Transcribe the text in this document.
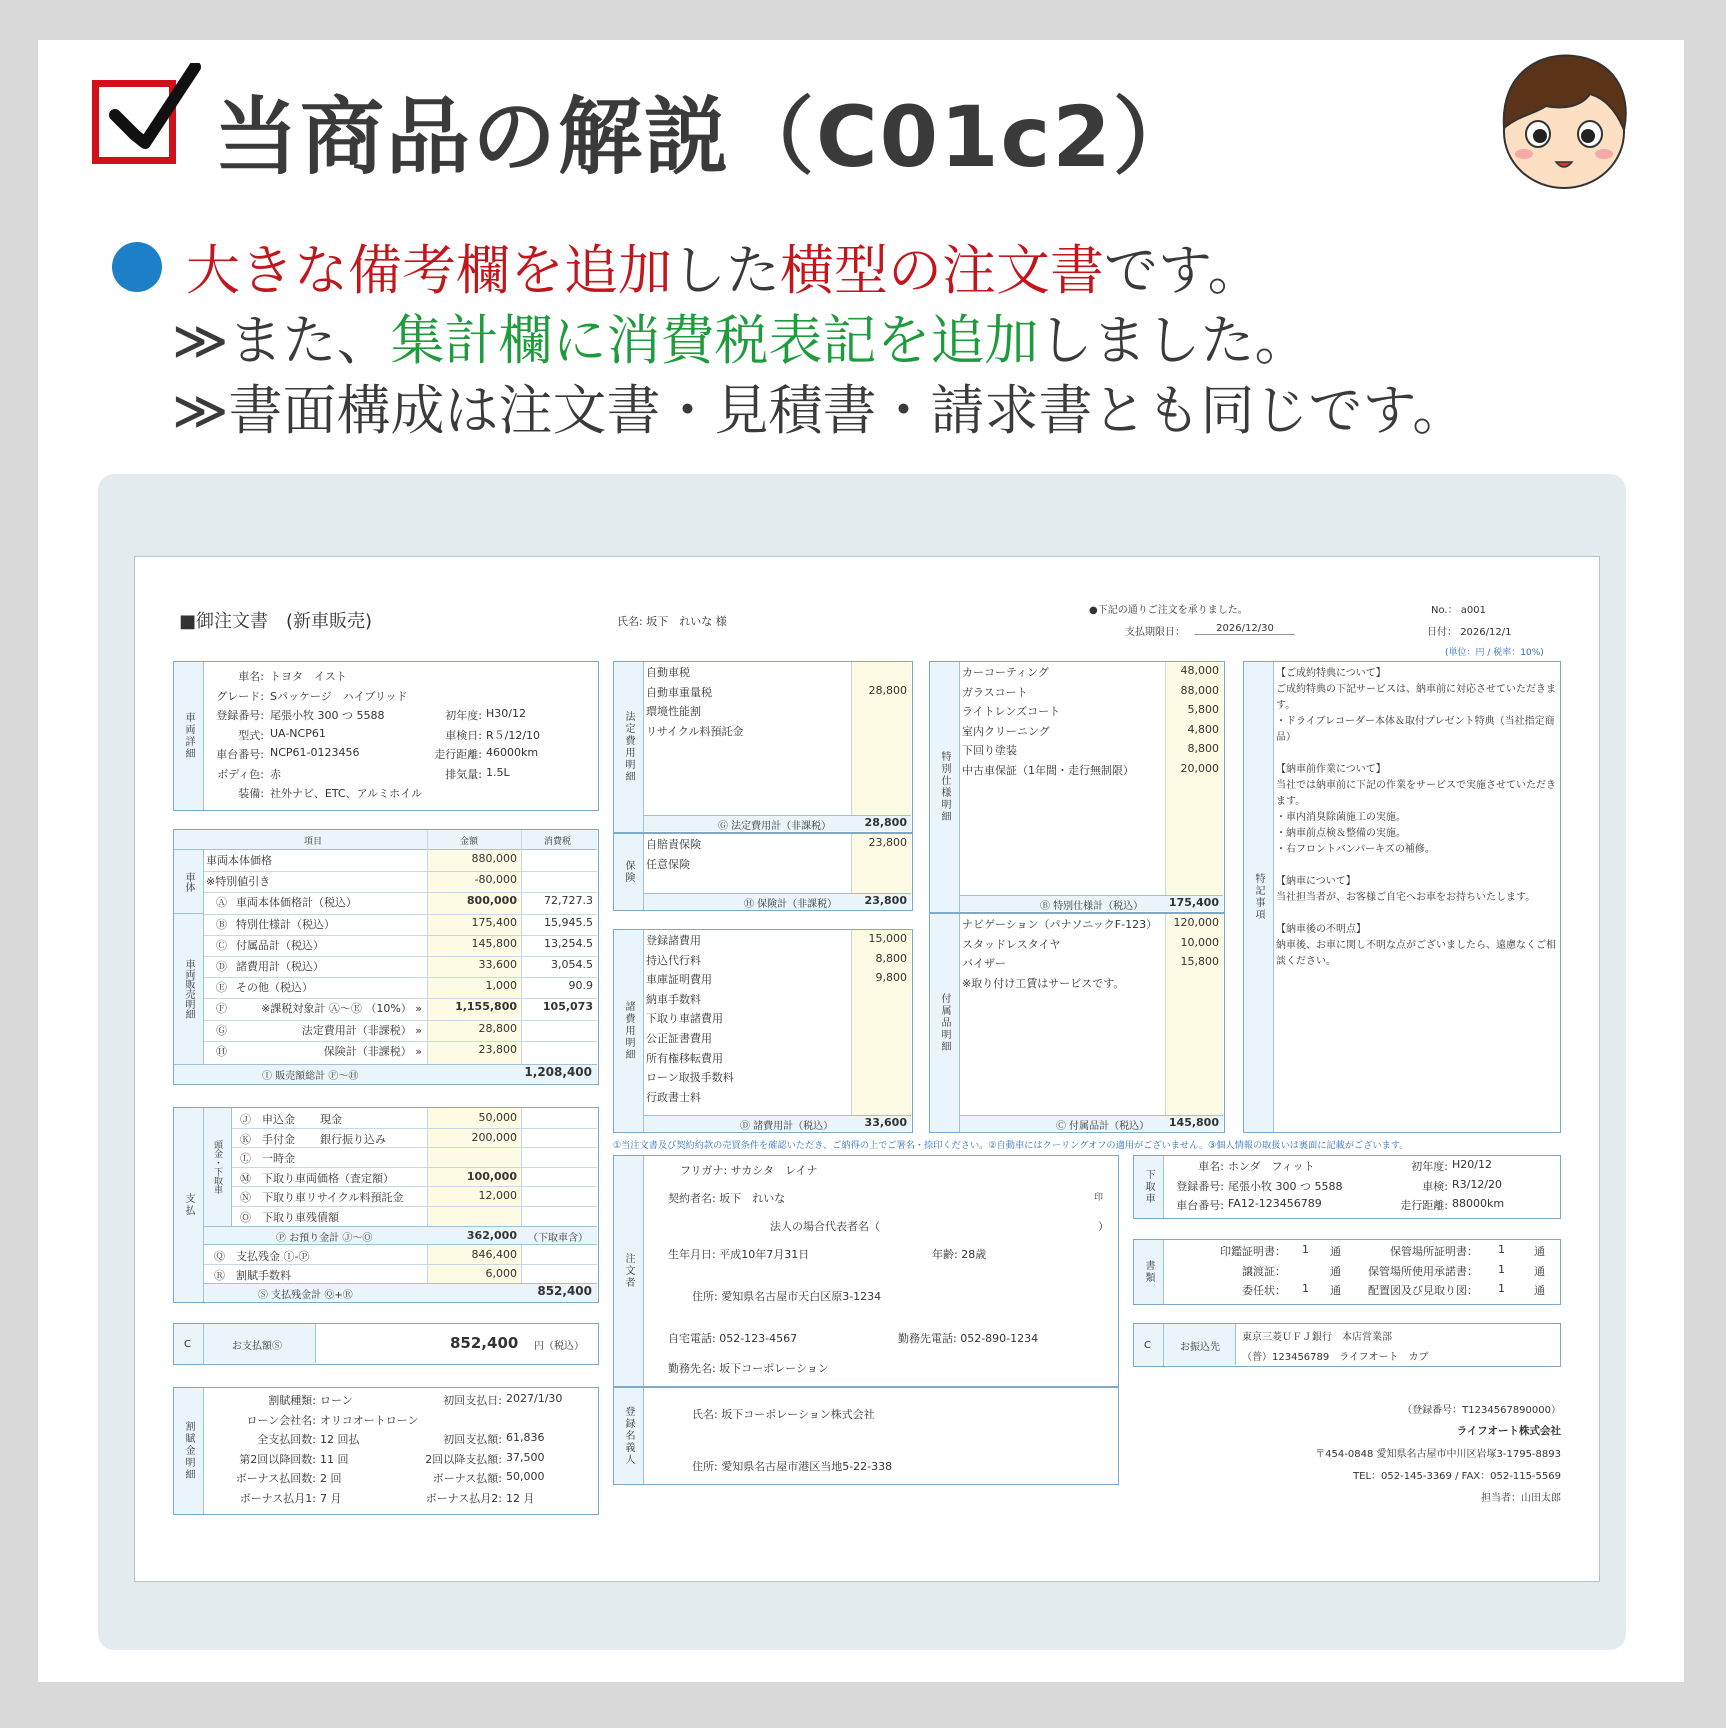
当商品の解説（C01c2）
大きな備考欄を追加した横型の注文書です。
≫また、集計欄に消費税表記を追加しました。
≫書面構成は注文書・見積書・請求書とも同じです。
■御注文書　(新車販売)	氏名: 坂下　れいな 様
●下記の通りご注文を承りました。
支払期限日：	2026/12/30
No.： a001
日付： 2026/12/1
(単位：円 / 税率：10%)
車両詳細
車名: トヨタ　イスト
グレード: Sパッケージ　ハイブリッド
登録番号: 尾張小牧 300 つ 5588	初年度: H30/12
型式: UA-NCP61	車検日: R５/12/10
車台番号: NCP61-0123456	走行距離: 46000km
ボディ色: 赤	排気量: 1.5L
装備: 社外ナビ、ETC、アルミホイル
項目	金額	消費税
車体
車両販売明細
車両本体価格	880,000
※特別値引き	-80,000
Ⓐ 車両本体価格計（税込）	800,000	72,727.3
Ⓑ 特別仕様計（税込）	175,400	15,945.5
Ⓒ 付属品計（税込）	145,800	13,254.5
Ⓓ 諸費用計（税込）	33,600	3,054.5
Ⓔ その他（税込）	1,000	90.9
Ⓕ	※課税対象計 Ⓐ〜Ⓔ （10%） »	1,155,800	105,073
Ⓖ	法定費用計（非課税） »	28,800
Ⓗ	保険計（非課税） »	23,800
Ⓘ 販売額総計 Ⓕ〜Ⓗ	1,208,400
支払
頭金・下取車
Ⓙ 申込金 現金	50,000
Ⓚ 手付金 銀行振り込み	200,000
Ⓛ 一時金
Ⓜ 下取り車両価格（査定額）	100,000
Ⓝ 下取り車リサイクル料預託金	12,000
Ⓞ 下取り車残債額
Ⓟ お預り金計 Ⓙ〜Ⓞ	362,000 （下取車含）
Ⓠ 支払残金 Ⓘ-Ⓟ	846,400
Ⓡ 割賦手数料	6,000
Ⓢ 支払残金計 Ⓠ+Ⓡ	852,400
C	お支払額Ⓢ	852,400 円（税込）
割賦金明細
割賦種類: ローン	初回支払日: 2027/1/30
ローン会社名: オリコオートローン
全支払回数: 12 回払	初回支払額: 61,836
第2回以降回数: 11 回	2回以降支払額: 37,500
ボーナス払回数: 2 回	ボーナス払額: 50,000
ボーナス払月1: 7 月	ボーナス払月2: 12 月
法定費用明細
自動車税
自動車重量税	28,800
環境性能割
リサイクル料預託金
Ⓖ 法定費用計（非課税）	28,800
保険
自賠責保険	23,800
任意保険
Ⓗ 保険計（非課税）	23,800
諸費用明細
登録諸費用	15,000
持込代行料	8,800
車庫証明費用	9,800
納車手数料
下取り車諸費用
公正証書費用
所有権移転費用
ローン取扱手数料
行政書士料
Ⓓ 諸費用計（税込）	33,600
特別仕様明細
カーコーティング	48,000
ガラスコート	88,000
ライトレンズコート	5,800
室内クリーニング	4,800
下回り塗装	8,800
中古車保証（1年間・走行無制限）	20,000
Ⓑ 特別仕様計（税込）	175,400
付属品明細
ナビゲーション（パナソニックF-123）	120,000
スタッドレスタイヤ	10,000
バイザー	15,800
※取り付け工賃はサービスです。
Ⓒ 付属品計（税込）	145,800
特記事項
【ご成約特典について】
ご成約特典の下記サービスは、納車前に対応させていただきま
す。
・ドライブレコーダー本体＆取付プレゼント特典（当社指定商
品）
【納車前作業について】
当社では納車前に下記の作業をサービスで実施させていただき
ます。
・車内消臭除菌施工の実施。
・納車前点検＆整備の実施。
・右フロントバンパーキズの補修。
【納車について】
当社担当者が、お客様ご自宅へお車をお持ちいたします。
【納車後の不明点】
納車後、お車に関し不明な点がございましたら、遠慮なくご相
談ください。
①当注文書及び契約約款の売買条件を確認いただき、ご納得の上でご署名・捺印ください。②自動車にはクーリングオフの適用がございません。③個人情報の取扱いは裏面に記載がございます。
注文者
フリガナ: サカシタ　レイナ
契約者名: 坂下　れいな	印
法人の場合代表者名（	）
生年月日: 平成10年7月31日	年齢: 28歳
住所: 愛知県名古屋市天白区原3-1234
自宅電話: 052-123-4567	勤務先電話: 052-890-1234
勤務先名: 坂下コーポレーション
登録名義人	氏名: 坂下コーポレーション株式会社
住所: 愛知県名古屋市港区当地5-22-338
下取車
車名: ホンダ　フィット	初年度: H20/12
登録番号: 尾張小牧 300 つ 5588	車検: R3/12/20
車台番号: FA12-123456789	走行距離: 88000km
書類
印鑑証明書： 1 通	保管場所証明書： 1	通
譲渡証：	通	保管場所使用承諾書： 1	通
委任状： 1 通	配置図及び見取り図： 1	通
C	お振込先
東京三菱ＵＦＪ銀行　本店営業部
（普）123456789　ライフオート　カブ
（登録番号：T1234567890000）
ライフオート株式会社
〒454-0848 愛知県名古屋市中川区岩塚3-1795-8893
TEL：052-145-3369 / FAX：052-115-5569
担当者：山田太郎
